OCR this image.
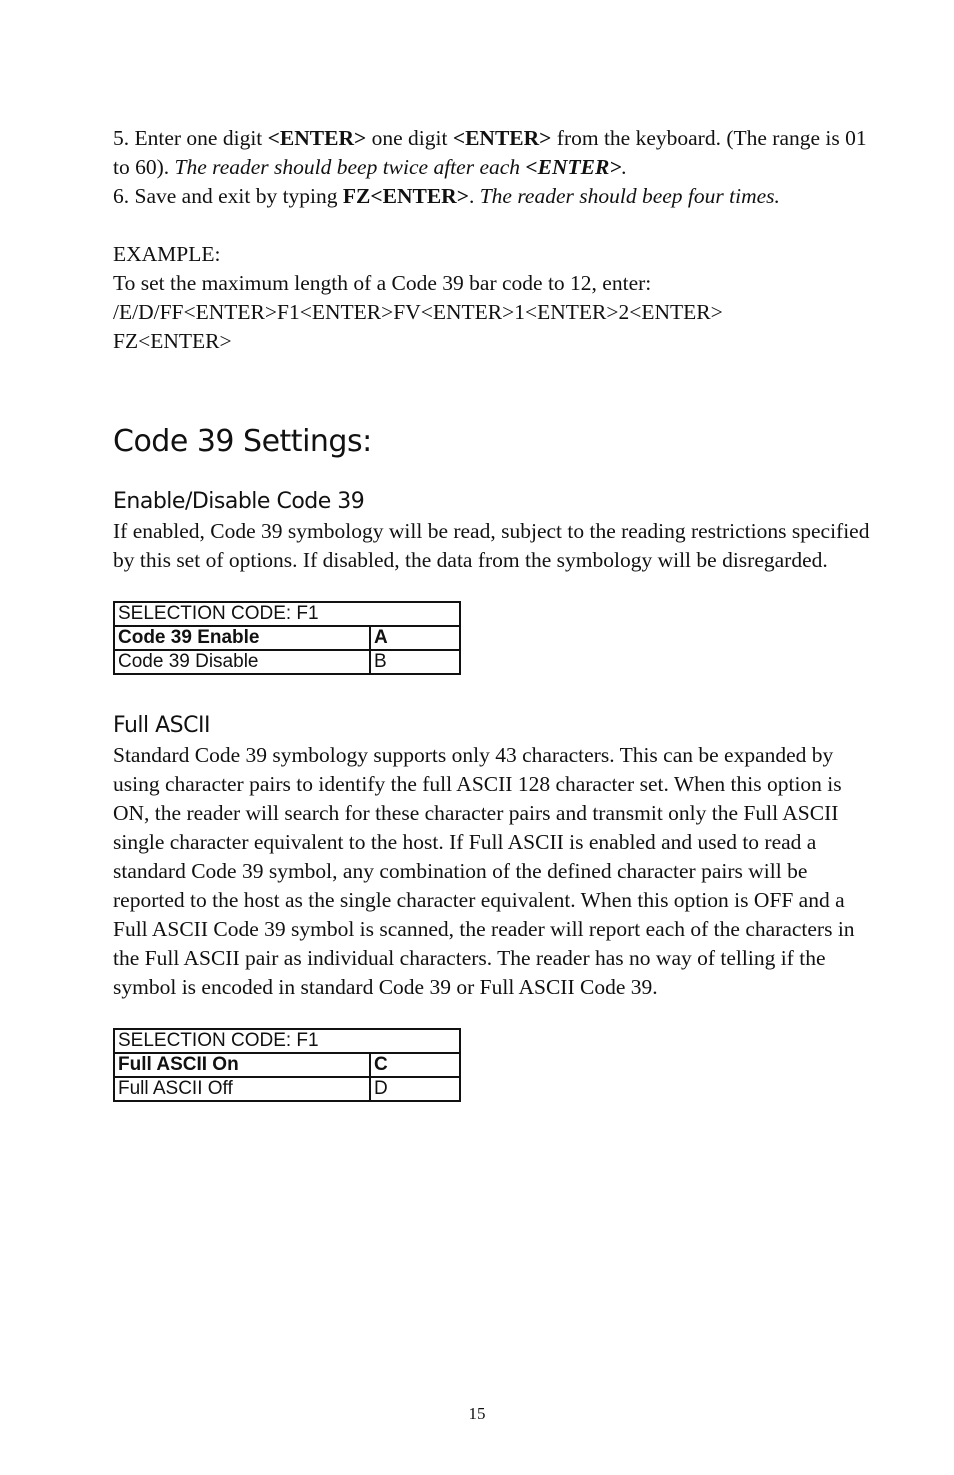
5. Enter one digit <ENTER> one digit <ENTER> from the keyboard. (The range is 01 to 60). The reader should beep twice after each <ENTER>.

6. Save and exit by typing FZ<ENTER>. The reader should beep four times.

EXAMPLE:

To set the maximum length of a Code 39 bar code to 12, enter:

/E/D/FF<ENTER>F1<ENTER>FV<ENTER>1<ENTER>2<ENTER>

FZ<ENTER>

Code 39 Settings:
Enable/Disable Code 39

If enabled, Code 39 symbology will be read, subject to the reading restrictions specified by this set of options. If disabled, the data from the symbology will be disregarded.

SELECTION CODE: F1	
Code 39 Enable	A
Code 39 Disable	B
Full ASCII

Standard Code 39 symbology supports only 43 characters. This can be expanded by using character pairs to identify the full ASCII 128 character set. When this option is ON, the reader will search for these character pairs and transmit only the Full ASCII single character equivalent to the host. If Full ASCII is enabled and used to read a standard Code 39 symbol, any combination of the defined character pairs will be reported to the host as the single character equivalent. When this option is OFF and a Full ASCII Code 39 symbol is scanned, the reader will report each of the characters in the Full ASCII pair as individual characters. The reader has no way of telling if the symbol is encoded in standard Code 39 or Full ASCII Code 39.

SELECTION CODE: F1	
Full ASCII On	C
Full ASCII Off	D
15
